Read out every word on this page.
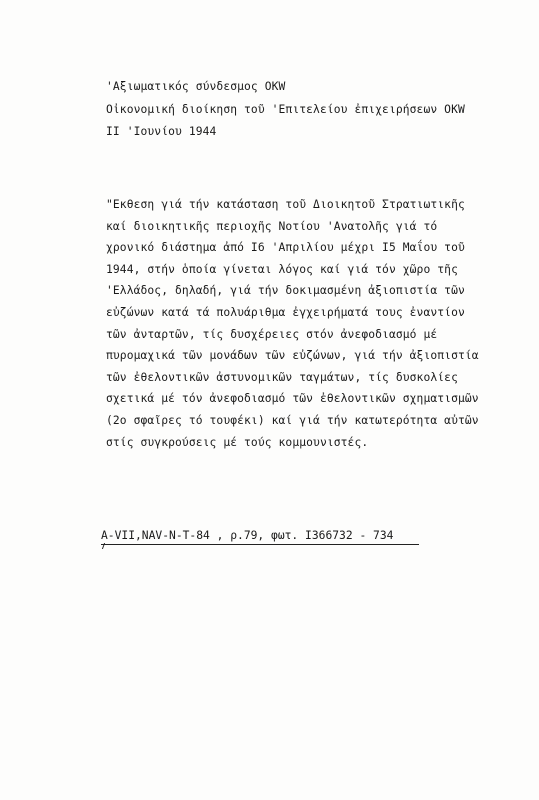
'Αξιωματικός σύνδεσμος OKW
Οἰκονομική διοίκηση τοῦ 'Επιτελείου ἐπιχειρήσεων OKW
II 'Ιουνίου 1944
"Εκθεση γιά τήν κατάσταση τοῦ Διοικητοῦ Στρατιωτικῆς
καί διοικητικῆς περιοχῆς Νοτίου 'Ανατολῆς γιά τό
χρονικό διάστημα ἀπό I6 'Απριλίου μέχρι I5 Μαΐου τοῦ
1944, στήν ὁποία γίνεται λόγος καί γιά τόν χῶρο τῆς
'Ελλάδος, δηλαδή, γιά τήν δοκιμασμένη ἀξιοπιστία τῶν
εὐζώνων κατά τά πολυάριθμα ἐγχειρήματά τους ἐναντίον
τῶν ἀνταρτῶν, τίς δυσχέρειες στόν ἀνεφοδιασμό μέ
πυρομαχικά τῶν μονάδων τῶν εὐζώνων, γιά τήν ἀξιοπιστία
τῶν ἐθελοντικῶν ἀστυνομικῶν ταγμάτων, τίς δυσκολίες
σχετικά μέ τόν ἀνεφοδιασμό τῶν ἐθελοντικῶν σχηματισμῶν
(2ο σφαῖρες τό τουφέκι) καί γιά τήν κατωτερότητα αὐτῶν
στίς συγκρούσεις μέ τούς κομμουνιστές.
A-VII,NAV-N-T-84 , ρ.79, φωτ. I366732 - 734
